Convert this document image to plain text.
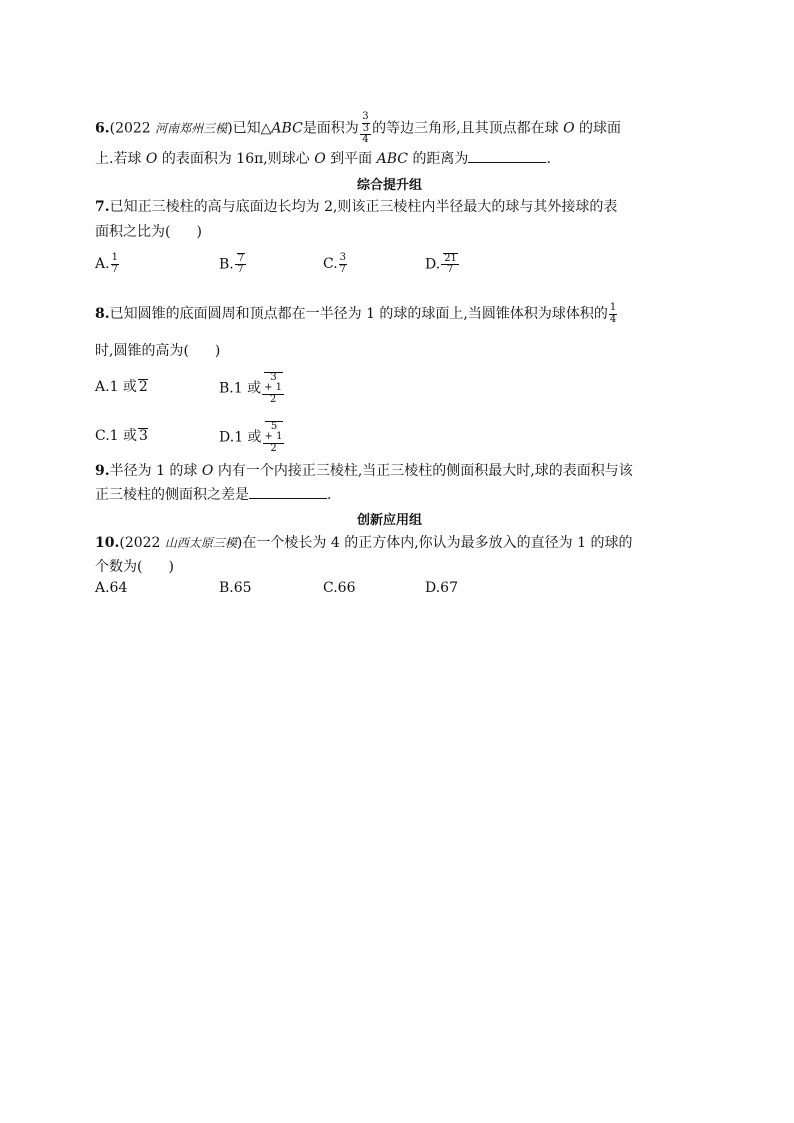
6.(2022 河南郑州三模)已知△ABC是面积为 3
3
4 的等边三角形,且其顶点都在球 O 的球面
上.若球 O 的表面积为 16π,则球心 O 到平面 ABC 的距离为	.
综合提升组
7.已知正三棱柱的高与底面边长均为 2,则该正三棱柱内半径最大的球与其外接球的表
面积之比为( )
A. $\frac{1}{7}$	B. $\frac{7}{7}$	C. $\frac{3}{7}$	D. $\frac{21}{7}$
8.已知圆锥的底面圆周和顶点都在一半径为 1 的球的球面上,当圆锥体积为球体积的 $\frac{1}{4}$
时,圆锥的高为( )
A.1 或 2	B.1 或 3
+ 1
2
C.1 或 3	D.1 或 5
+ 1
2
9.半径为 1 的球 O 内有一个内接正三棱柱,当正三棱柱的侧面积最大时,球的表面积与该
正三棱柱的侧面积之差是	.
创新应用组
10.(2022 山西太原三模)在一个棱长为 4 的正方体内,你认为最多放入的直径为 1 的球的
个数为( )
A.64	B.65	C.66	D.67
